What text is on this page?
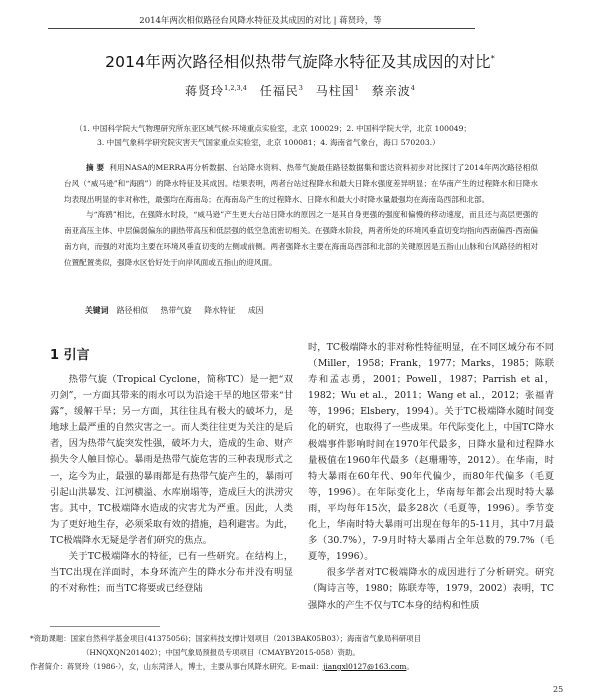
2014年两次相似路径台风降水特征及其成因的对比 | 蒋贤玲，等
2014年两次路径相似热带气旋降水特征及其成因的对比*
蒋贤玲$^{1,2,3,4}$ 任福民$^3$ 马柱国$^1$ 蔡亲波$^4$
（1. 中国科学院大气物理研究所东亚区域气候-环境重点实验室，北京 100029；2. 中国科学院大学，北京 100049；
3. 中国气象科学研究院灾害天气国家重点实验室，北京 100081；4. 海南省气象台，海口 570203.）

摘 要 利用NASA的MERRA再分析数据、台站降水资料、热带气旋最佳路径数据集和雷达资料初步对比探讨了2014年两次路径相似台风（“威马逊”和“海鸥”）的降水特征及其成因。结果表明，两者台站过程降水和最大日降水强度差异明显；在华南产生的过程降水和日降水均表现出明显的非对称性，最强均在海南岛；在海南岛产生的过程降水、日降水和最大小时降水量最强均在海南岛西部和北部。

与“海鸥”相比，在强降水时段，“威马逊”产生更大台站日降水的原因之一是其自身更强的强度和偏慢的移动速度，而且还与高层更强的南亚高压主体、中层偏弱偏东的副热带高压和低层强的低空急流密切相关。在强降水阶段，两者所处的环境风垂直切变均指向西南偏西-西南偏南方向，而强的对流均主要在环境风垂直切变的左侧或前侧。两者强降水主要在海南岛西部和北部的关键原因是五指山山脉和台风路径的相对位置配置类似，强降水区恰好处于向岸风面或五指山的迎风面。

关键词 路径相似 热带气旋 降水特征 成因
1 引言

热带气旋（Tropical Cyclone，简称TC）是一把“双刃剑”，一方面其带来的雨水可以为沿途干旱的地区带来“甘露”，缓解干旱；另一方面，其往往具有极大的破坏力，是地球上最严重的自然灾害之一。而人类往往更为关注的是后者，因为热带气旋突发性强，破坏力大，造成的生命、财产损失令人触目惊心。暴雨是热带气旋危害的三种表现形式之一，迄今为止，最强的暴雨都是有热带气旋产生的，暴雨可引起山洪暴发、江河横溢、水库崩塌等，造成巨大的洪涝灾害。其中，TC极端降水造成的灾害尤为严重。因此，人类为了更好地生存，必须采取有效的措施，趋利避害。为此，TC极端降水无疑是学者们研究的焦点。

关于TC极端降水的特征，已有一些研究。在结构上，当TC出现在洋面时，本身环流产生的降水分布并没有明显的不对称性；而当TC将要或已经登陆

时，TC极端降水的非对称性特征明显，在不同区域分布不同（Miller，1958；Frank，1977；Marks，1985；陈联寿和孟志勇，2001；Powell，1987；Parrish et al，1982；Wu et al.，2011；Wang et al.，2012；张福青等，1996；Elsbery，1994）。关于TC极端降水随时间变化的研究，也取得了一些成果。年代际变化上，中国TC降水极端事件影响时间在1970年代最多，日降水量和过程降水量极值在1960年代最多（赵珊珊等，2012）。在华南，时特大暴雨在60年代、90年代偏少，而80年代偏多（毛夏等，1996）。在年际变化上，华南每年都会出现时特大暴雨，平均每年15次，最多28次（毛夏等，1996）。季节变化上，华南时特大暴雨可出现在每年的5-11月，其中7月最多（30.7%），7-9月时特大暴雨占全年总数的79.7%（毛夏等，1996）。

很多学者对TC极端降水的成因进行了分析研究。研究（陶诗言等，1980；陈联寿等，1979，2002）表明，TC强降水的产生不仅与TC本身的结构和性质

*资助课题：国家自然科学基金项目(41375056)；国家科技支撑计划项目（2013BAK05B03）；海南省气象局科研项目
（HNQXQN201402）；中国气象局预报员专项项目（CMAYBY2015-058）资助。
作者简介：蒋贤玲（1986-），女，山东菏泽人，博士，主要从事台风降水研究。E-mail：jiangxl0127@163.com。
25
